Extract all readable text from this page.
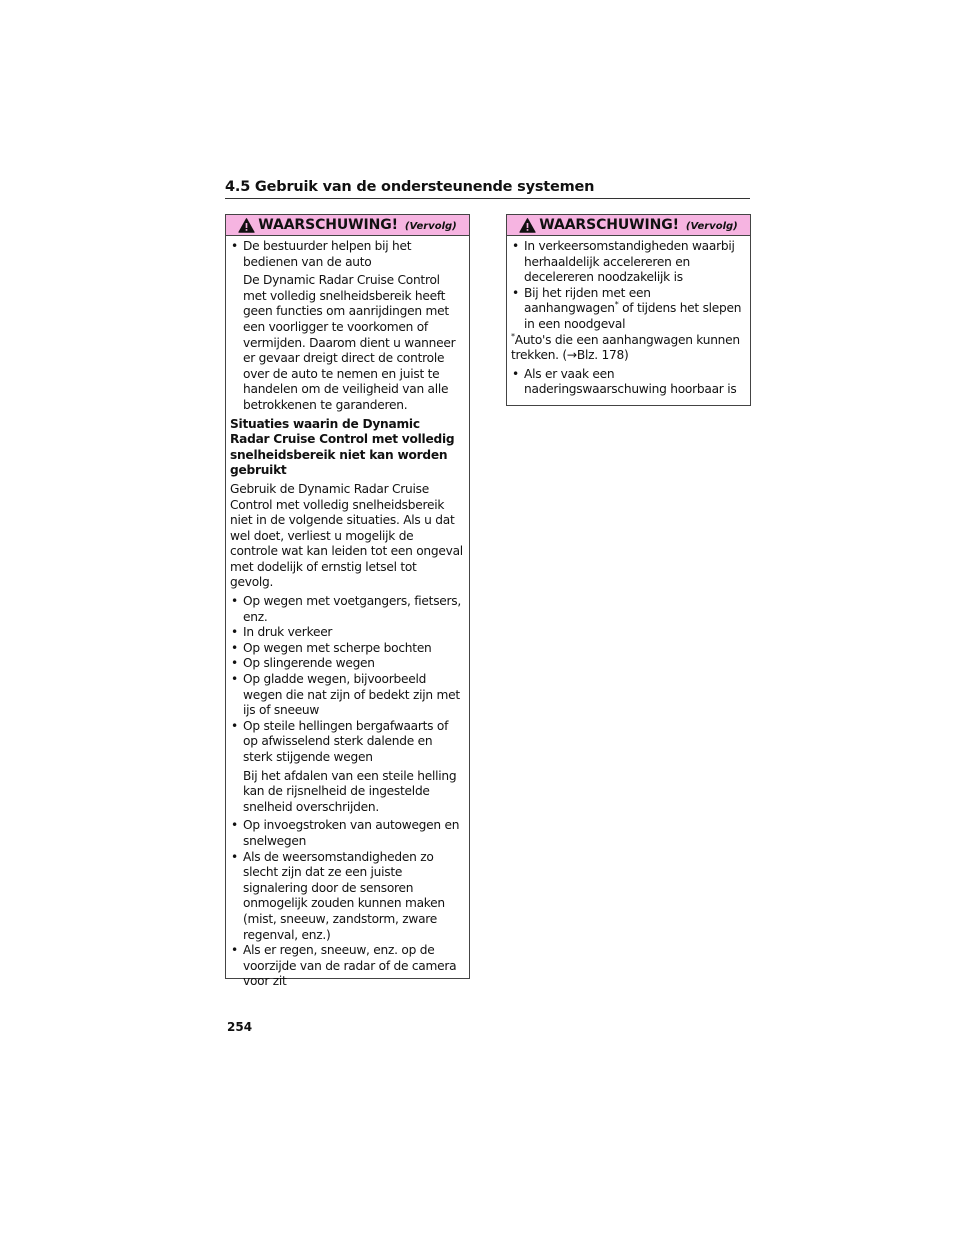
4.5 Gebruik van de ondersteunende systemen
WAARSCHUWING! (Vervolg)
• De bestuurder helpen bij het bedienen van de auto

De Dynamic Radar Cruise Control met volledig snelheidsbereik heeft geen functies om aanrijdingen met een voorligger te voorkomen of vermijden. Daarom dient u wanneer er gevaar dreigt direct de controle over de auto te nemen en juist te handelen om de veiligheid van alle betrokkenen te garanderen.

Situaties waarin de Dynamic Radar Cruise Control met volledig snelheidsbereik niet kan worden gebruikt

Gebruik de Dynamic Radar Cruise Control met volledig snelheidsbereik niet in de volgende situaties. Als u dat wel doet, verliest u mogelijk de controle wat kan leiden tot een ongeval met dodelijk of ernstig letsel tot gevolg.

• Op wegen met voetgangers, fietsers, enz.
• In druk verkeer
• Op wegen met scherpe bochten
• Op slingerende wegen
• Op gladde wegen, bijvoorbeeld wegen die nat zijn of bedekt zijn met ijs of sneeuw
• Op steile hellingen bergafwaarts of op afwisselend sterk dalende en sterk stijgende wegen

Bij het afdalen van een steile helling kan de rijsnelheid de ingestelde snelheid overschrijden.

• Op invoegstroken van autowegen en snelwegen
• Als de weersomstandigheden zo slecht zijn dat ze een juiste signalering door de sensoren onmogelijk zouden kunnen maken (mist, sneeuw, zandstorm, zware regenval, enz.)
• Als er regen, sneeuw, enz. op de voorzijde van de radar of de camera voor zit
WAARSCHUWING! (Vervolg)
• In verkeersomstandigheden waarbij herhaaldelijk accelereren en decelereren noodzakelijk is
• Bij het rijden met een aanhangwagen* of tijdens het slepen in een noodgeval

*Auto's die een aanhangwagen kunnen trekken. (→Blz. 178)

• Als er vaak een naderingswaarschuwing hoorbaar is
254
